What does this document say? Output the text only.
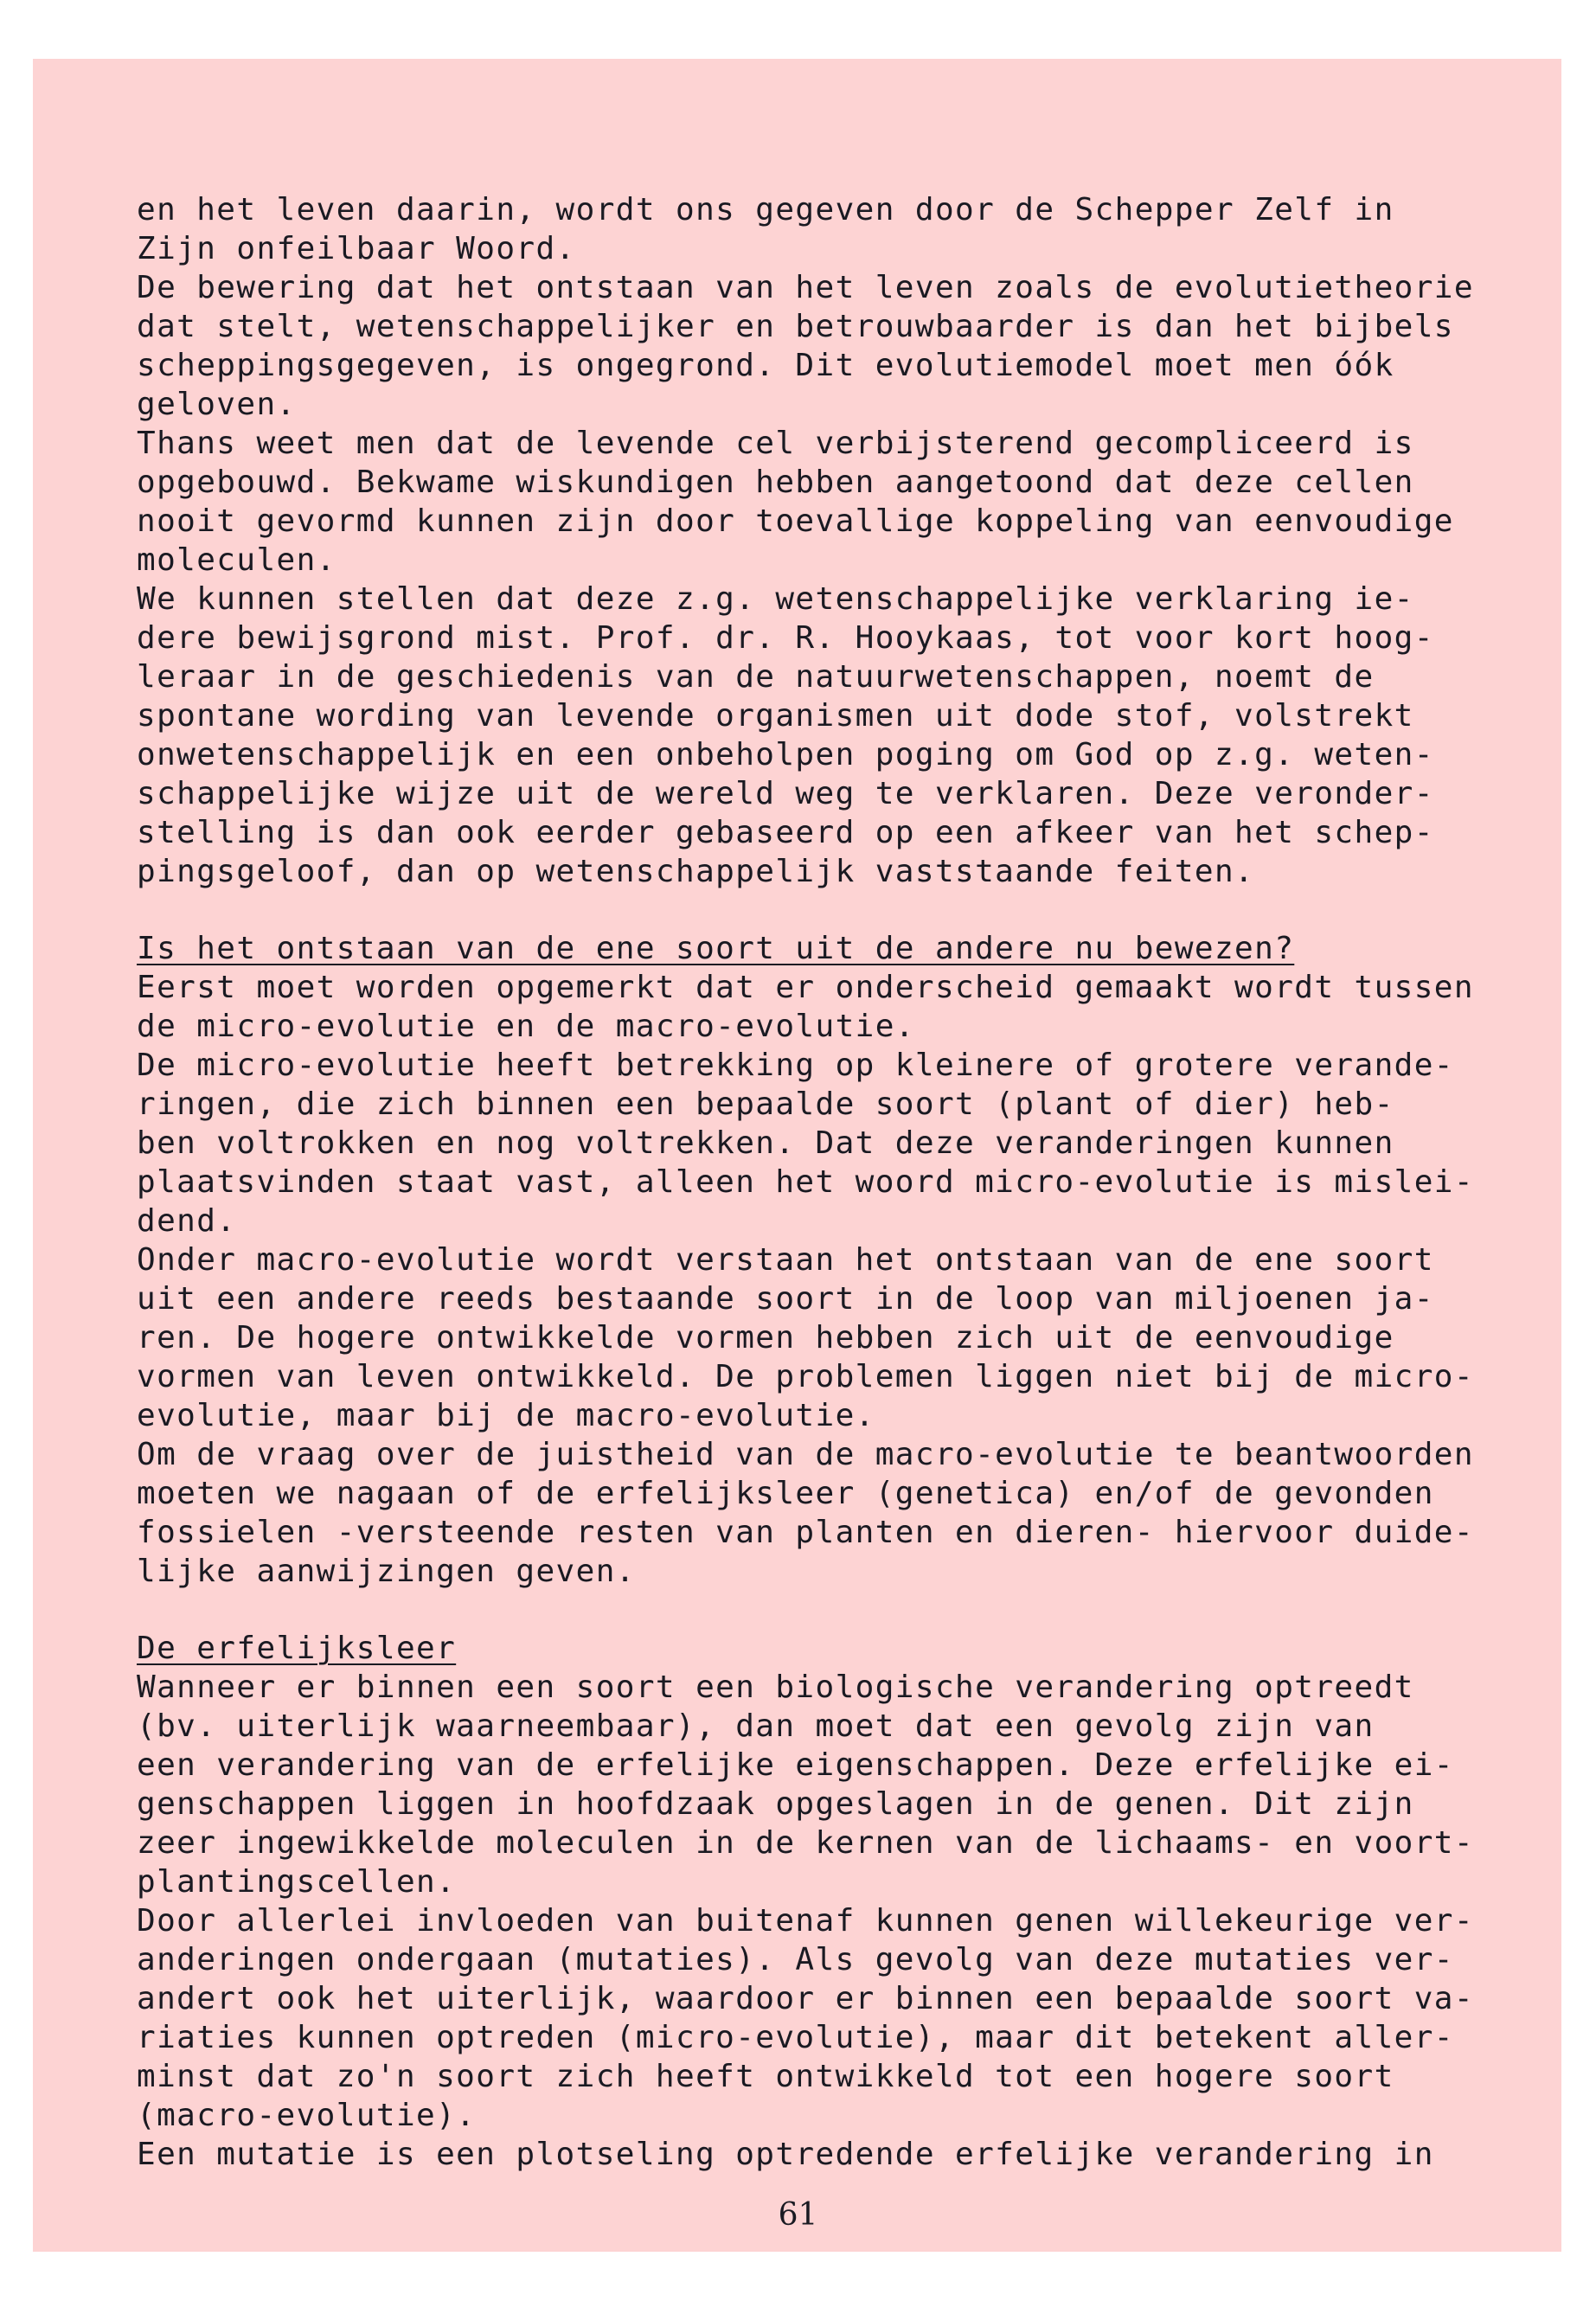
en het leven daarin, wordt ons gegeven door de Schepper Zelf in
Zijn onfeilbaar Woord.
De bewering dat het ontstaan van het leven zoals de evolutietheorie
dat stelt, wetenschappelijker en betrouwbaarder is dan het bijbels
scheppingsgegeven, is ongegrond. Dit evolutiemodel moet men óók
geloven.
Thans weet men dat de levende cel verbijsterend gecompliceerd is
opgebouwd. Bekwame wiskundigen hebben aangetoond dat deze cellen
nooit gevormd kunnen zijn door toevallige koppeling van eenvoudige
moleculen.
We kunnen stellen dat deze z.g. wetenschappelijke verklaring ie-
dere bewijsgrond mist. Prof. dr. R. Hooykaas, tot voor kort hoog-
leraar in de geschiedenis van de natuurwetenschappen, noemt de
spontane wording van levende organismen uit dode stof, volstrekt
onwetenschappelijk en een onbeholpen poging om God op z.g. weten-
schappelijke wijze uit de wereld weg te verklaren. Deze veronder-
stelling is dan ook eerder gebaseerd op een afkeer van het schep-
pingsgeloof, dan op wetenschappelijk vaststaande feiten.
Is het ontstaan van de ene soort uit de andere nu bewezen?
Eerst moet worden opgemerkt dat er onderscheid gemaakt wordt tussen
de micro-evolutie en de macro-evolutie.
De micro-evolutie heeft betrekking op kleinere of grotere verande-
ringen, die zich binnen een bepaalde soort (plant of dier) heb-
ben voltrokken en nog voltrekken. Dat deze veranderingen kunnen
plaatsvinden staat vast, alleen het woord micro-evolutie is mislei-
dend.
Onder macro-evolutie wordt verstaan het ontstaan van de ene soort
uit een andere reeds bestaande soort in de loop van miljoenen ja-
ren. De hogere ontwikkelde vormen hebben zich uit de eenvoudige
vormen van leven ontwikkeld. De problemen liggen niet bij de micro-
evolutie, maar bij de macro-evolutie.
Om de vraag over de juistheid van de macro-evolutie te beantwoorden
moeten we nagaan of de erfelijksleer (genetica) en/of de gevonden
fossielen -versteende resten van planten en dieren- hiervoor duide-
lijke aanwijzingen geven.
De erfelijksleer
Wanneer er binnen een soort een biologische verandering optreedt
(bv. uiterlijk waarneembaar), dan moet dat een gevolg zijn van
een verandering van de erfelijke eigenschappen. Deze erfelijke ei-
genschappen liggen in hoofdzaak opgeslagen in de genen. Dit zijn
zeer ingewikkelde moleculen in de kernen van de lichaams- en voort-
plantingscellen.
Door allerlei invloeden van buitenaf kunnen genen willekeurige ver-
anderingen ondergaan (mutaties). Als gevolg van deze mutaties ver-
andert ook het uiterlijk, waardoor er binnen een bepaalde soort va-
riaties kunnen optreden (micro-evolutie), maar dit betekent aller-
minst dat zo'n soort zich heeft ontwikkeld tot een hogere soort
(macro-evolutie).
Een mutatie is een plotseling optredende erfelijke verandering in
61
